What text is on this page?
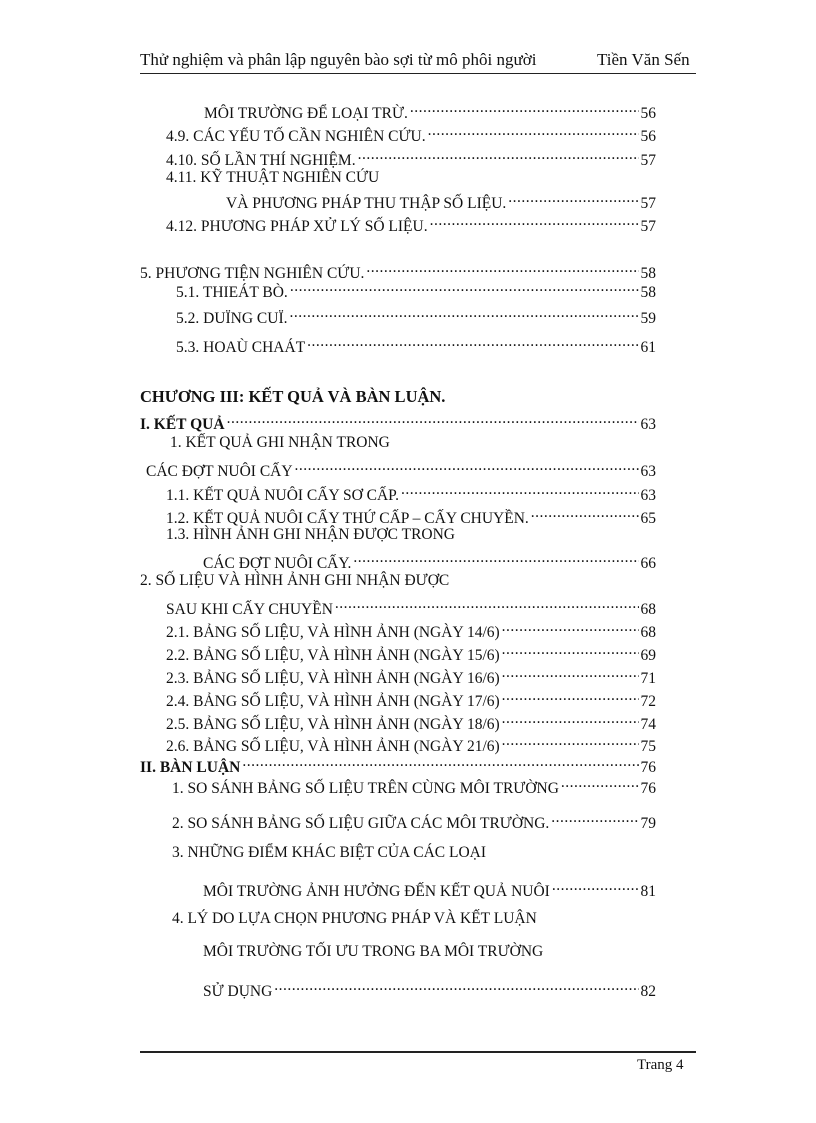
Thử nghiệm và phân lập nguyên bào sợi từ mô phôi người	Tiền Văn Sến
MÔI TRƯỜNG ĐỂ LOẠI TRỪ. .....	56
4.9. CÁC YẾU TỐ CẦN NGHIÊN CỨU. .....	56
4.10. SỐ LẦN THÍ NGHIỆM. .....	57
4.11. KỸ THUẬT NGHIÊN CỨU
VÀ PHƯƠNG PHÁP THU THẬP SỐ LIỆU. .....	57
4.12. PHƯƠNG PHÁP XỬ LÝ SỐ LIỆU. .....	57
5. PHƯƠNG TIỆN NGHIÊN CỨU. .....	58
5.1. THIEÁT BÒ. .....	58
5.2. DUÏNG CUÏ. .....	59
5.3. HOAÙ CHAÁT .....	61
CHƯƠNG III: KẾT QUẢ VÀ BÀN LUẬN.
I. KẾT QUẢ .....	63
1. KẾT QUẢ GHI NHẬN TRONG
CÁC ĐỢT NUÔI CẤY .....	63
1.1. KẾT QUẢ NUÔI CẤY SƠ CẤP. .....	63
1.2. KẾT QUẢ NUÔI CẤY THỨ CẤP – CẤY CHUYỀN. .....	65
1.3. HÌNH ẢNH GHI NHẬN ĐƯỢC TRONG
CÁC ĐỢT NUÔI CẤY. .....	66
2. SỐ LIỆU VÀ HÌNH ẢNH GHI NHẬN ĐƯỢC
SAU KHI CẤY CHUYỀN .....	68
2.1. BẢNG SỐ LIỆU, VÀ HÌNH ẢNH (NGÀY 14/6) .....	68
2.2. BẢNG SỐ LIỆU, VÀ HÌNH ẢNH (NGÀY 15/6) .....	69
2.3. BẢNG SỐ LIỆU, VÀ HÌNH ẢNH (NGÀY 16/6) .....	71
2.4. BẢNG SỐ LIỆU, VÀ HÌNH ẢNH (NGÀY 17/6) .....	72
2.5. BẢNG SỐ LIỆU, VÀ HÌNH ẢNH (NGÀY 18/6) .....	74
2.6. BẢNG SỐ LIỆU, VÀ HÌNH ẢNH (NGÀY 21/6) .....	75
II. BÀN LUẬN .....	76
1. SO SÁNH BẢNG SỐ LIỆU TRÊN CÙNG MÔI TRƯỜNG .....	76
2. SO SÁNH BẢNG SỐ LIỆU GIỮA CÁC MÔI TRƯỜNG. .....	79
3. NHỮNG ĐIỂM KHÁC BIỆT CỦA CÁC LOẠI
MÔI TRƯỜNG ẢNH HƯỞNG ĐẾN KẾT QUẢ NUÔI .....	81
4. LÝ DO LỰA CHỌN PHƯƠNG PHÁP VÀ KẾT LUẬN
MÔI TRƯỜNG TỐI ƯU TRONG BA MÔI TRƯỜNG
SỬ DỤNG .....	82
Trang 4
